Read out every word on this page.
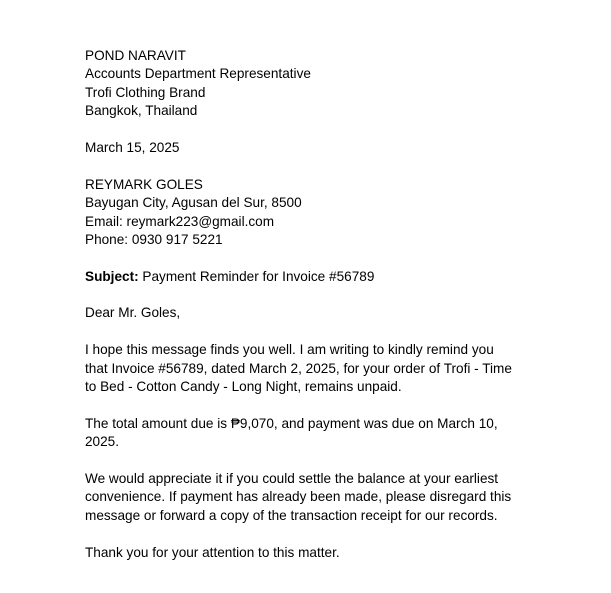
POND NARAVIT
Accounts Department Representative
Trofi Clothing Brand
Bangkok, Thailand
March 15, 2025
REYMARK GOLES
Bayugan City, Agusan del Sur, 8500
Email: reymark223@gmail.com
Phone: 0930 917 5221
Subject: Payment Reminder for Invoice #56789
Dear Mr. Goles,
I hope this message finds you well. I am writing to kindly remind you
that Invoice #56789, dated March 2, 2025, for your order of Trofi - Time
to Bed - Cotton Candy - Long Night, remains unpaid.
The total amount due is ₱9,070, and payment was due on March 10,
2025.
We would appreciate it if you could settle the balance at your earliest
convenience. If payment has already been made, please disregard this
message or forward a copy of the transaction receipt for our records.
Thank you for your attention to this matter.
